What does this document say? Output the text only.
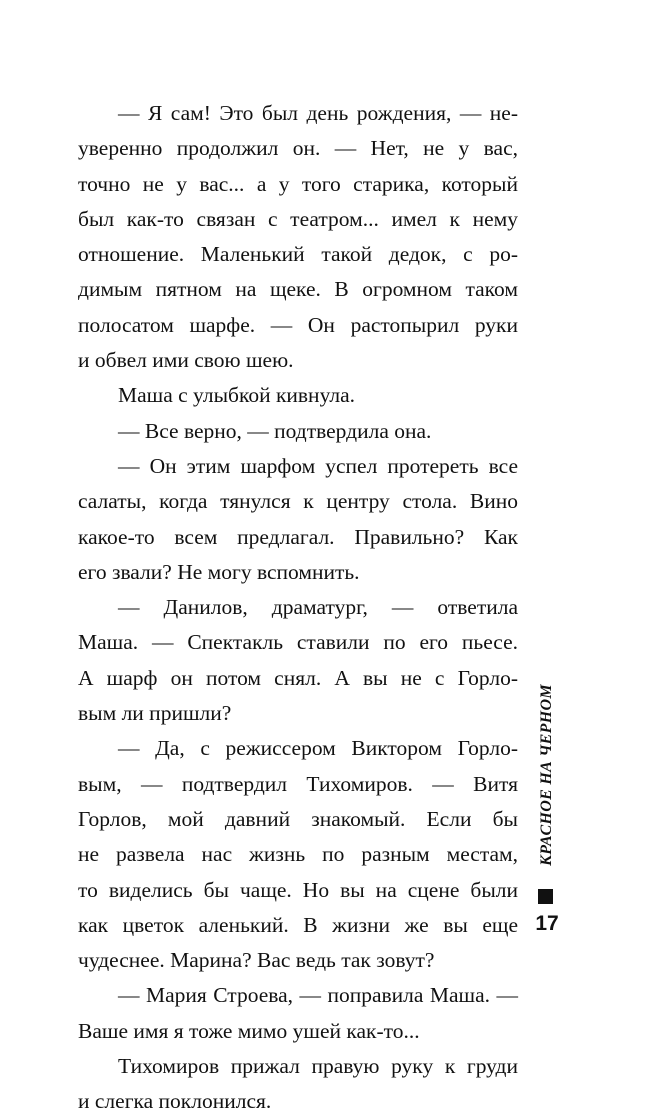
— Я сам! Это был день рождения, — не-
уверенно продолжил он. — Нет, не у вас,
точно не у вас... а у того старика, который
был как-то связан с театром... имел к нему
отношение. Маленький такой дедок, с ро-
димым пятном на щеке. В огромном таком
полосатом шарфе. — Он растопырил руки
и обвел ими свою шею.
Маша с улыбкой кивнула.
— Все верно, — подтвердила она.
— Он этим шарфом успел протереть все
салаты, когда тянулся к центру стола. Вино
какое-то всем предлагал. Правильно? Как
его звали? Не могу вспомнить.
— Данилов, драматург, — ответила
Маша. — Спектакль ставили по его пьесе.
А шарф он потом снял. А вы не с Горло-
вым ли пришли?
— Да, с режиссером Виктором Горло-
вым, — подтвердил Тихомиров. — Витя
Горлов, мой давний знакомый. Если бы
не развела нас жизнь по разным местам,
то виделись бы чаще. Но вы на сцене были
как цветок аленький. В жизни же вы еще
чудеснее. Марина? Вас ведь так зовут?
— Мария Строева, — поправила Маша. —
Ваше имя я тоже мимо ушей как-то...
Тихомиров прижал правую руку к груди
и слегка поклонился.
КРАСНОЕ НА ЧЕРНОМ
17
